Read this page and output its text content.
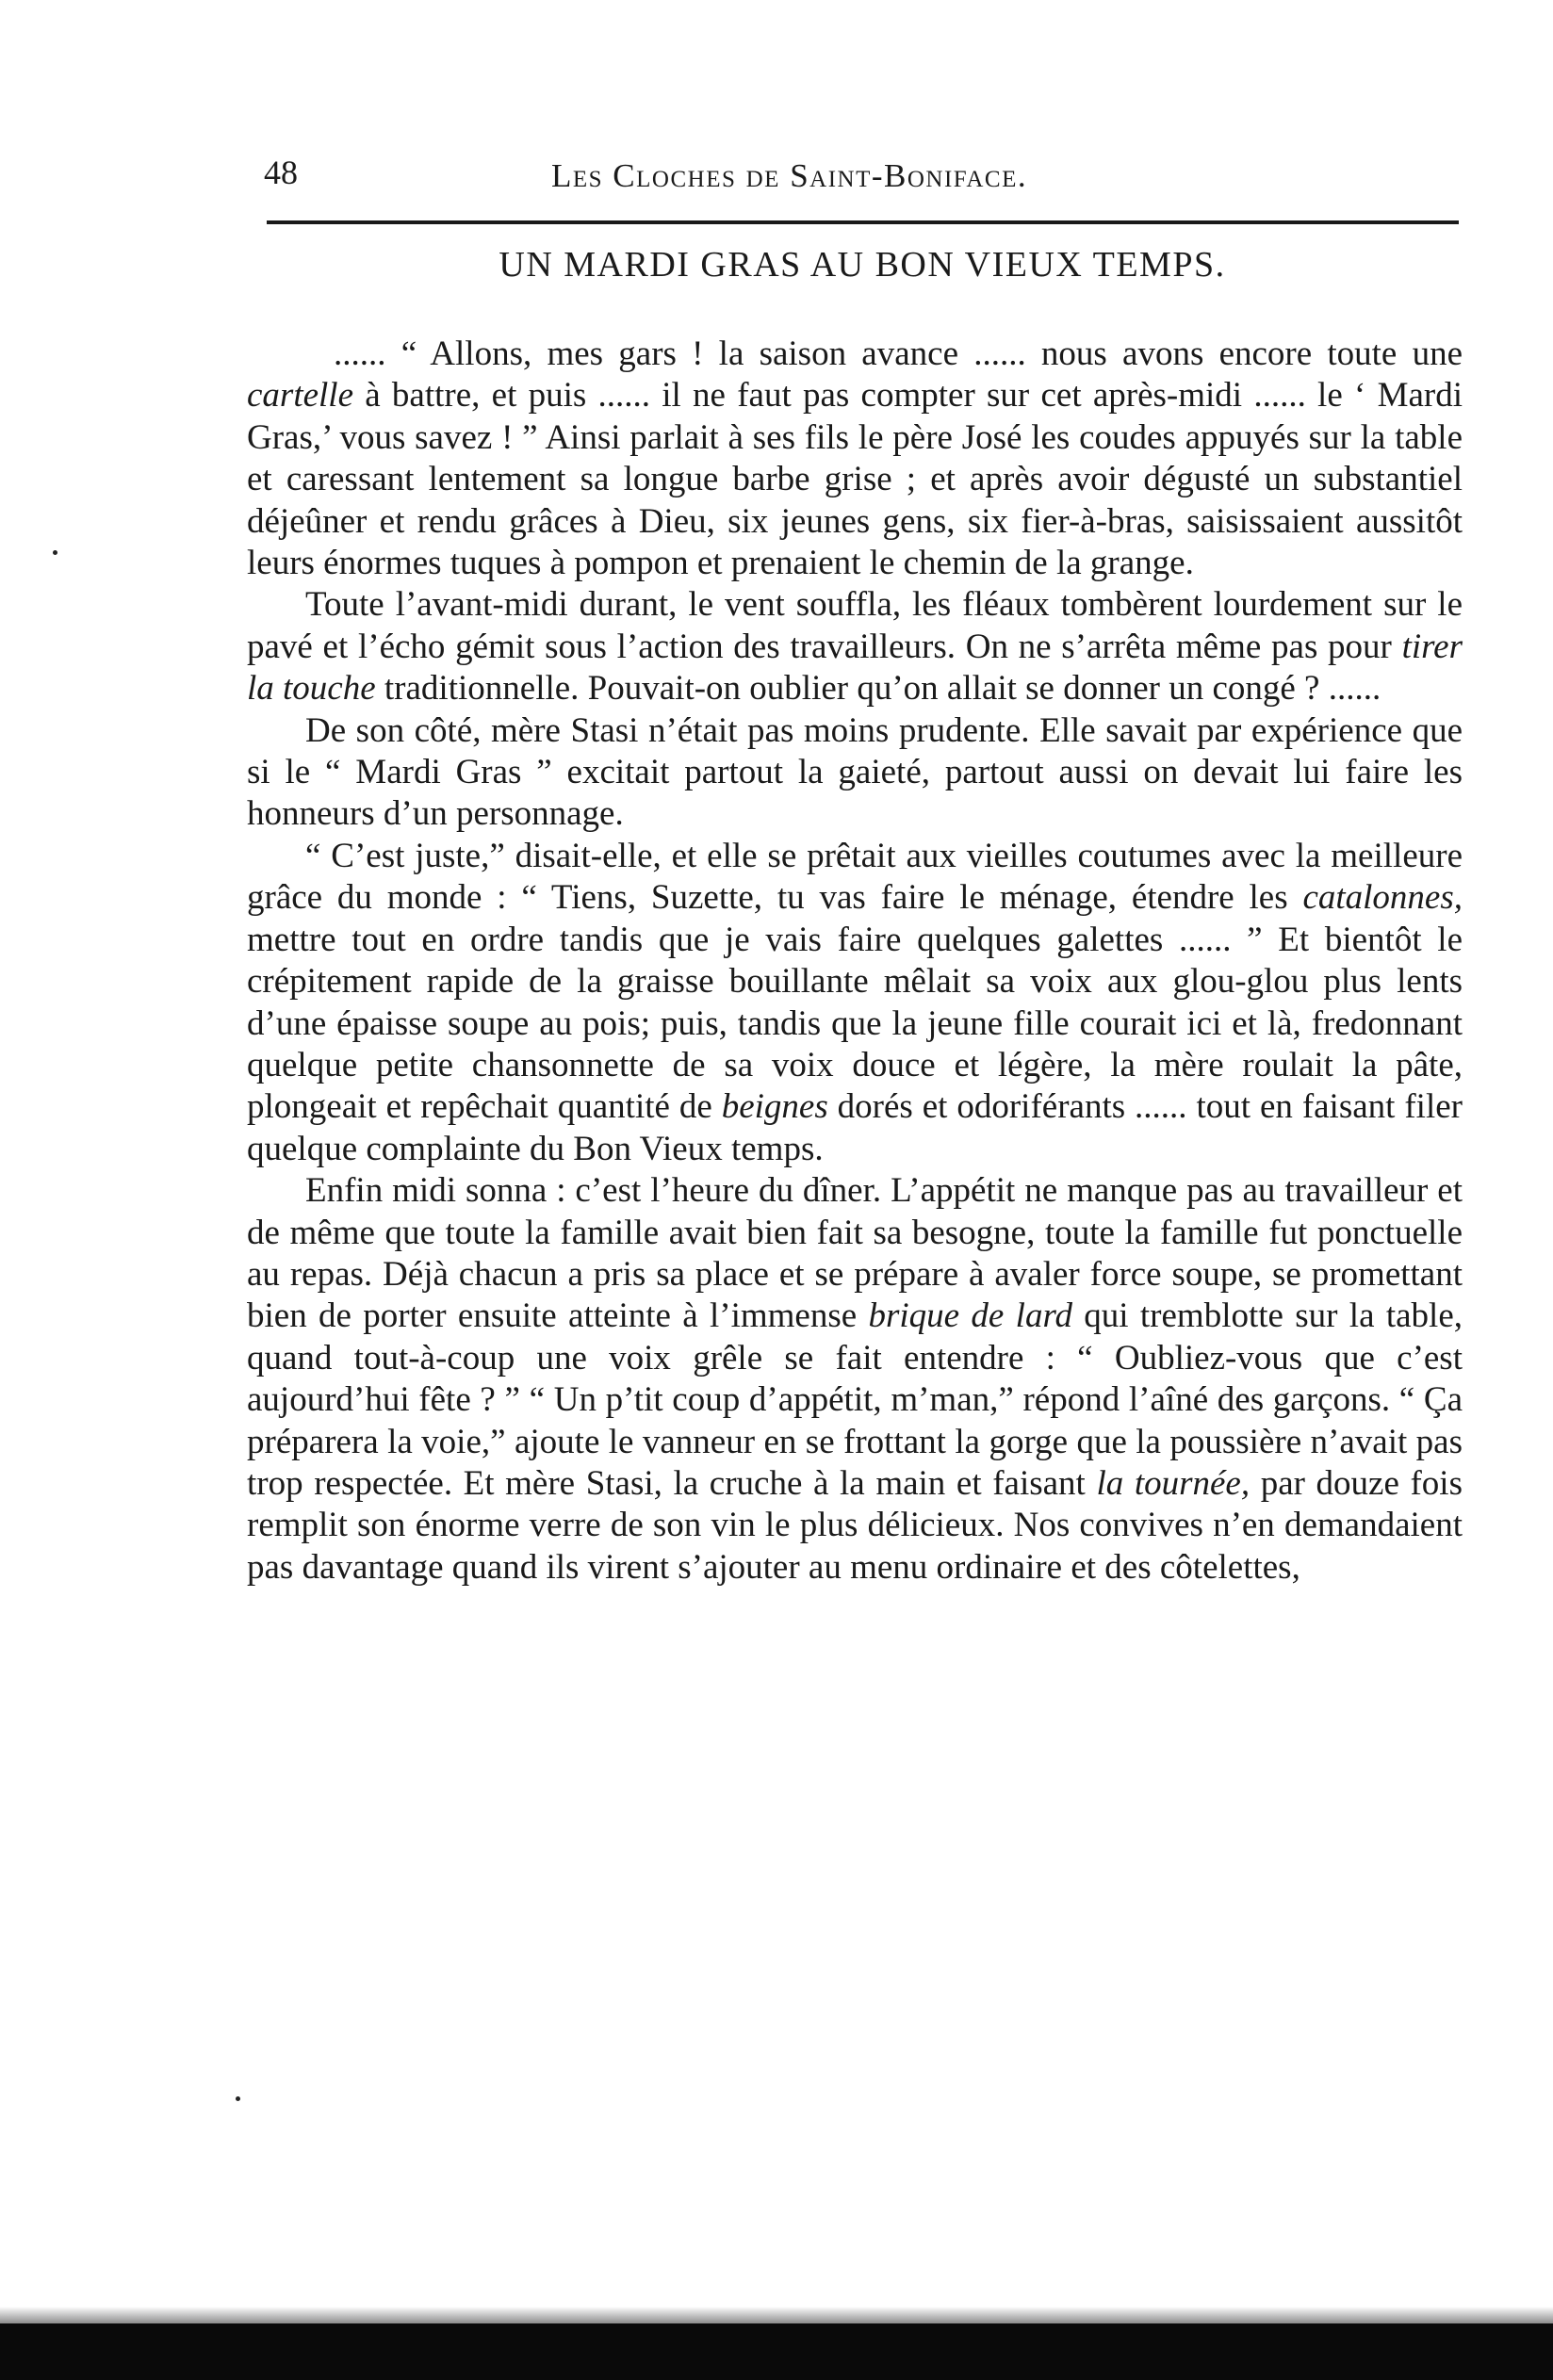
48	Les Cloches de Saint-Boniface.
UN MARDI GRAS AU BON VIEUX TEMPS.

...... “ Allons, mes gars ! la saison avance ...... nous avons encore toute une cartelle à battre, et puis ...... il ne faut pas compter sur cet après-midi ...... le ‘ Mardi Gras,’ vous savez ! ” Ainsi parlait à ses fils le père José les coudes appuyés sur la table et caressant lentement sa longue barbe grise ; et après avoir dégusté un substantiel déjeûner et rendu grâces à Dieu, six jeunes gens, six fier-à-bras, saisissaient aussitôt leurs énormes tuques à pompon et prenaient le chemin de la grange.

Toute l’avant-midi durant, le vent souffla, les fléaux tombèrent lourdement sur le pavé et l’écho gémit sous l’action des travailleurs. On ne s’arrêta même pas pour tirer la touche traditionnelle. Pouvait-on oublier qu’on allait se donner un congé ? ......

De son côté, mère Stasi n’était pas moins prudente. Elle savait par expérience que si le “ Mardi Gras ” excitait partout la gaieté, partout aussi on devait lui faire les honneurs d’un personnage.

“ C’est juste,” disait-elle, et elle se prêtait aux vieilles coutumes avec la meilleure grâce du monde : “ Tiens, Suzette, tu vas faire le ménage, étendre les catalonnes, mettre tout en ordre tandis que je vais faire quelques galettes ...... ” Et bientôt le crépitement rapide de la graisse bouillante mêlait sa voix aux glou-glou plus lents d’une épaisse soupe au pois; puis, tandis que la jeune fille courait ici et là, fredonnant quelque petite chansonnette de sa voix douce et légère, la mère roulait la pâte, plongeait et repêchait quantité de beignes dorés et odoriférants ...... tout en faisant filer quelque complainte du Bon Vieux temps.

Enfin midi sonna : c’est l’heure du dîner. L’appétit ne manque pas au travailleur et de même que toute la famille avait bien fait sa besogne, toute la famille fut ponctuelle au repas. Déjà chacun a pris sa place et se prépare à avaler force soupe, se promettant bien de porter ensuite atteinte à l’immense brique de lard qui tremblotte sur la table, quand tout-à-coup une voix grêle se fait entendre : “ Oubliez-vous que c’est aujourd’hui fête ? ” “ Un p’tit coup d’appétit, m’man,” répond l’aîné des garçons. “ Ça préparera la voie,” ajoute le vanneur en se frottant la gorge que la poussière n’avait pas trop respectée. Et mère Stasi, la cruche à la main et faisant la tournée, par douze fois remplit son énorme verre de son vin le plus délicieux. Nos convives n’en demandaient pas davantage quand ils virent s’ajouter au menu ordinaire et des côtelettes,
